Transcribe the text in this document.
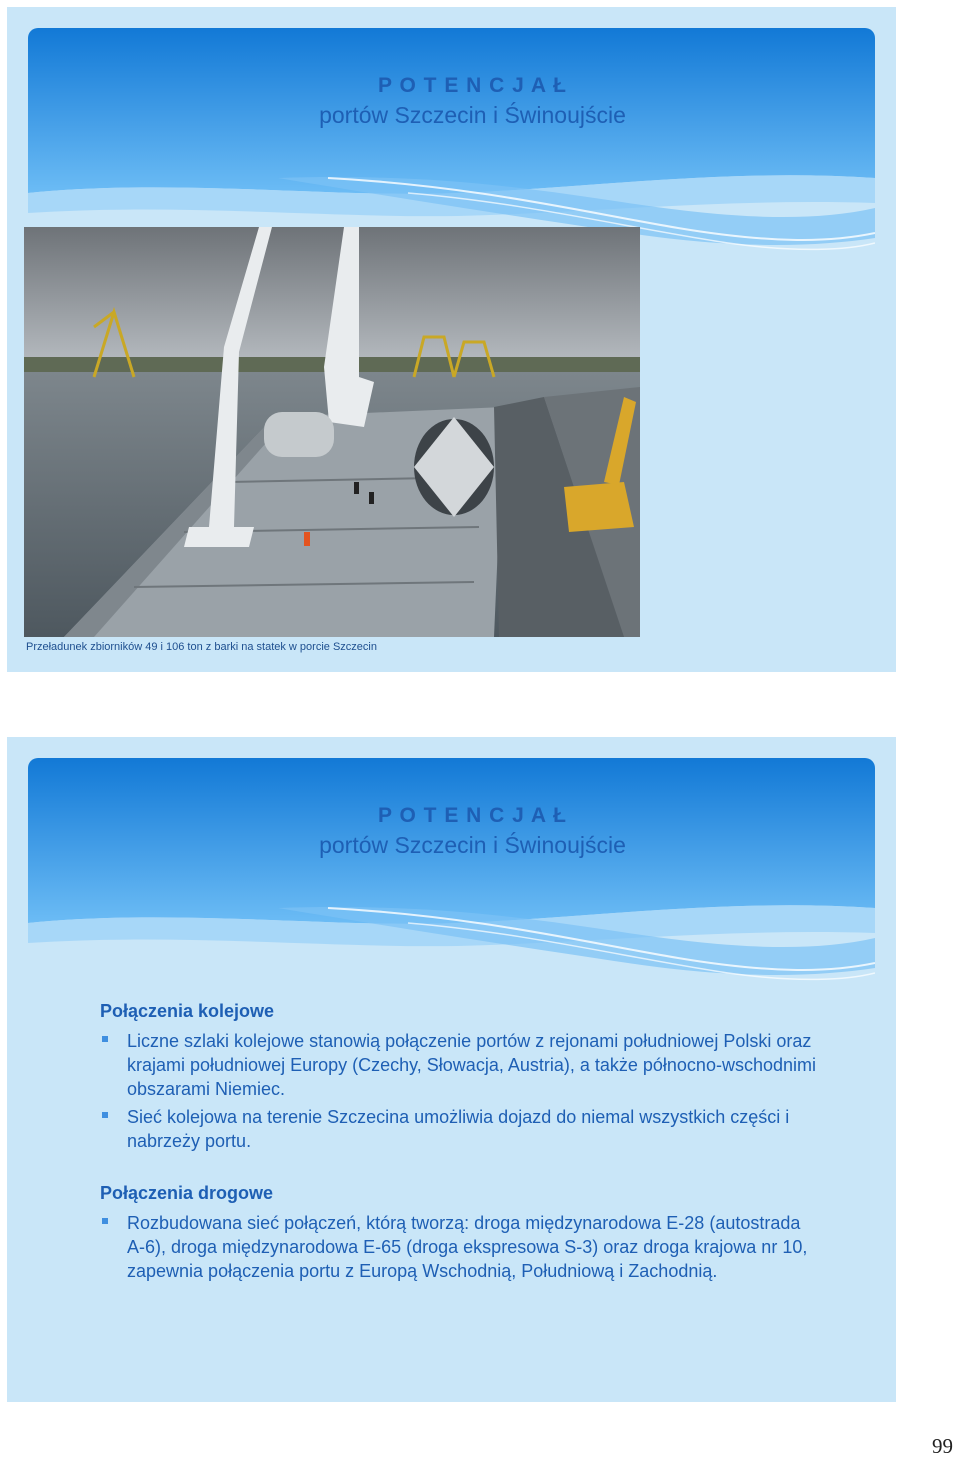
P O T E N C J A Ł
portów Szczecin i Świnoujście
Przeładunek zbiorników 49 i 106 ton z barki na statek w porcie Szczecin
P O T E N C J A Ł
portów Szczecin i Świnoujście
Połączenia kolejowe
Liczne szlaki kolejowe stanowią połączenie portów z rejonami południowej Polski oraz krajami południowej Europy (Czechy, Słowacja, Austria), a także północno-wschodnimi obszarami Niemiec.
Sieć kolejowa na terenie Szczecina umożliwia dojazd do niemal wszystkich części i nabrzeży portu.
Połączenia drogowe
Rozbudowana sieć połączeń, którą tworzą: droga międzynarodowa E-28 (autostrada A-6), droga międzynarodowa E-65 (droga ekspresowa S-3) oraz droga krajowa nr 10, zapewnia połączenia portu z Europą Wschodnią, Południową i Zachodnią.
99
